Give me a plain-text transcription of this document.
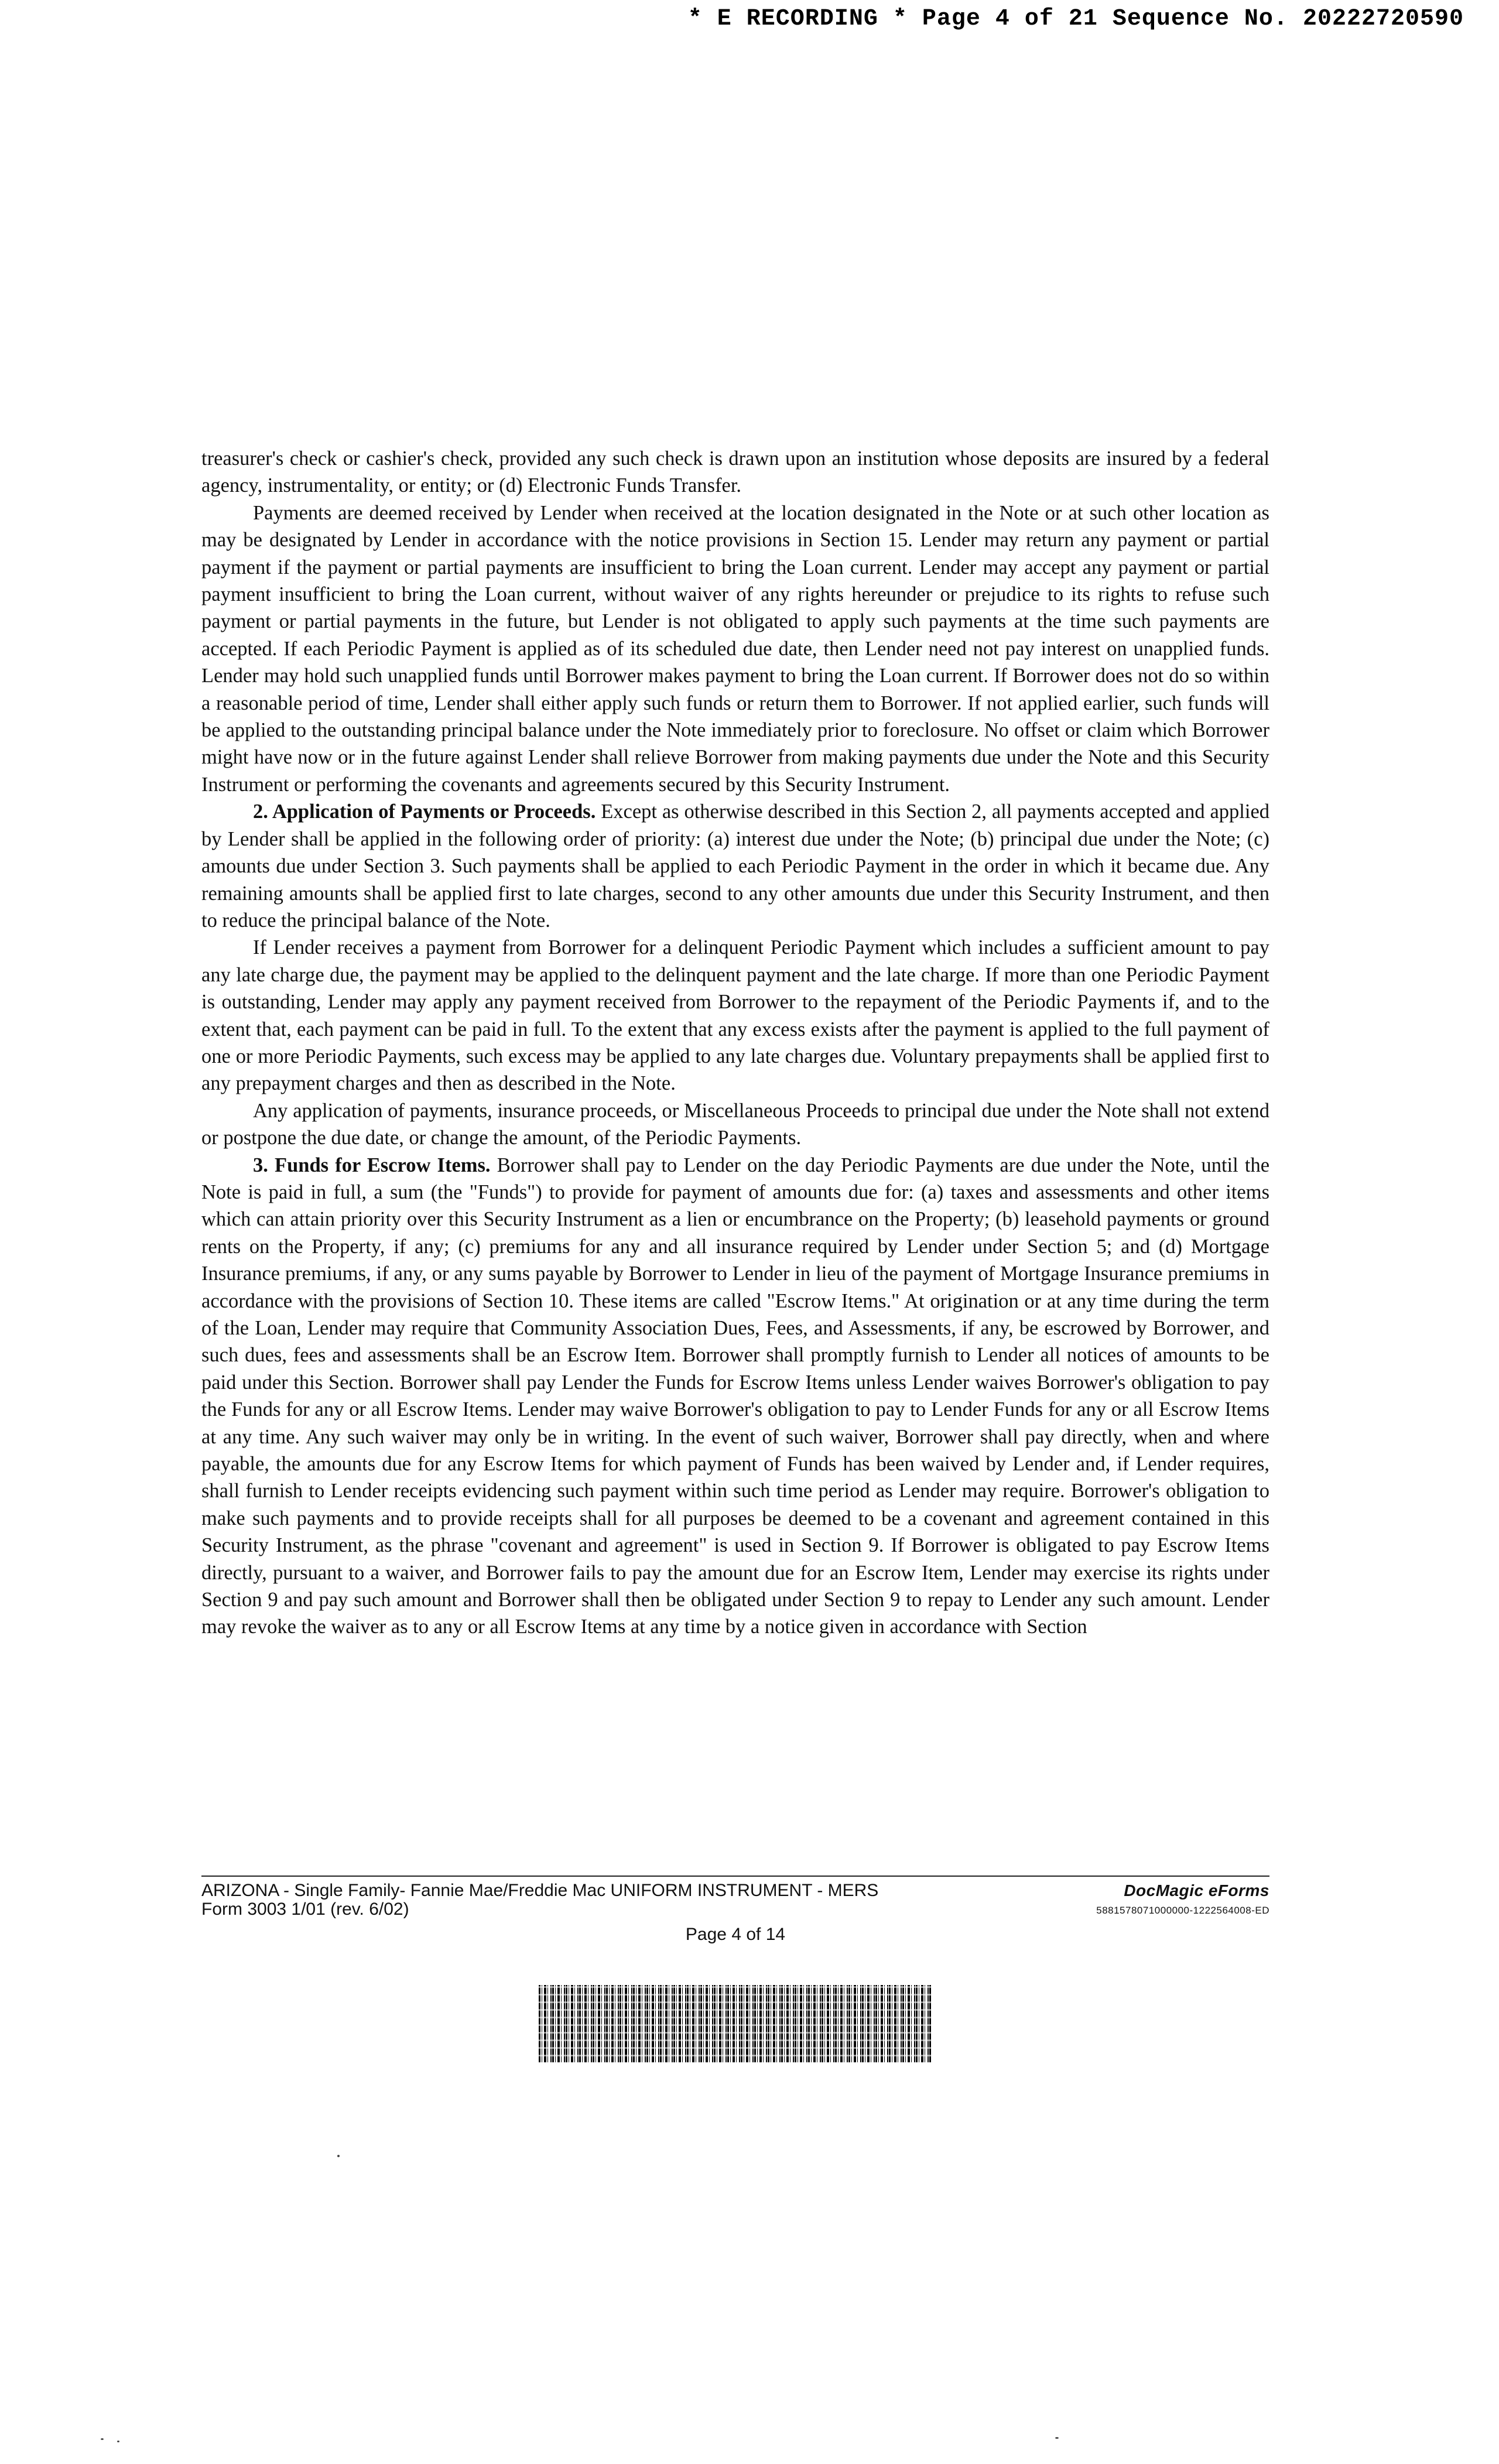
* E RECORDING * Page 4 of 21 Sequence No. 20222720590

treasurer's check or cashier's check, provided any such check is drawn upon an institution whose deposits are insured by a federal agency, instrumentality, or entity; or (d) Electronic Funds Transfer.

Payments are deemed received by Lender when received at the location designated in the Note or at such other location as may be designated by Lender in accordance with the notice provisions in Section 15. Lender may return any payment or partial payment if the payment or partial payments are insufficient to bring the Loan current. Lender may accept any payment or partial payment insufficient to bring the Loan current, without waiver of any rights hereunder or prejudice to its rights to refuse such payment or partial payments in the future, but Lender is not obligated to apply such payments at the time such payments are accepted. If each Periodic Payment is applied as of its scheduled due date, then Lender need not pay interest on unapplied funds. Lender may hold such unapplied funds until Borrower makes payment to bring the Loan current. If Borrower does not do so within a reasonable period of time, Lender shall either apply such funds or return them to Borrower. If not applied earlier, such funds will be applied to the outstanding principal balance under the Note immediately prior to foreclosure. No offset or claim which Borrower might have now or in the future against Lender shall relieve Borrower from making payments due under the Note and this Security Instrument or performing the covenants and agreements secured by this Security Instrument.

2. Application of Payments or Proceeds. Except as otherwise described in this Section 2, all payments accepted and applied by Lender shall be applied in the following order of priority: (a) interest due under the Note; (b) principal due under the Note; (c) amounts due under Section 3. Such payments shall be applied to each Periodic Payment in the order in which it became due. Any remaining amounts shall be applied first to late charges, second to any other amounts due under this Security Instrument, and then to reduce the principal balance of the Note.

If Lender receives a payment from Borrower for a delinquent Periodic Payment which includes a sufficient amount to pay any late charge due, the payment may be applied to the delinquent payment and the late charge. If more than one Periodic Payment is outstanding, Lender may apply any payment received from Borrower to the repayment of the Periodic Payments if, and to the extent that, each payment can be paid in full. To the extent that any excess exists after the payment is applied to the full payment of one or more Periodic Payments, such excess may be applied to any late charges due. Voluntary prepayments shall be applied first to any prepayment charges and then as described in the Note.

Any application of payments, insurance proceeds, or Miscellaneous Proceeds to principal due under the Note shall not extend or postpone the due date, or change the amount, of the Periodic Payments.

3. Funds for Escrow Items. Borrower shall pay to Lender on the day Periodic Payments are due under the Note, until the Note is paid in full, a sum (the "Funds") to provide for payment of amounts due for: (a) taxes and assessments and other items which can attain priority over this Security Instrument as a lien or encumbrance on the Property; (b) leasehold payments or ground rents on the Property, if any; (c) premiums for any and all insurance required by Lender under Section 5; and (d) Mortgage Insurance premiums, if any, or any sums payable by Borrower to Lender in lieu of the payment of Mortgage Insurance premiums in accordance with the provisions of Section 10. These items are called "Escrow Items." At origination or at any time during the term of the Loan, Lender may require that Community Association Dues, Fees, and Assessments, if any, be escrowed by Borrower, and such dues, fees and assessments shall be an Escrow Item. Borrower shall promptly furnish to Lender all notices of amounts to be paid under this Section. Borrower shall pay Lender the Funds for Escrow Items unless Lender waives Borrower's obligation to pay the Funds for any or all Escrow Items. Lender may waive Borrower's obligation to pay to Lender Funds for any or all Escrow Items at any time. Any such waiver may only be in writing. In the event of such waiver, Borrower shall pay directly, when and where payable, the amounts due for any Escrow Items for which payment of Funds has been waived by Lender and, if Lender requires, shall furnish to Lender receipts evidencing such payment within such time period as Lender may require. Borrower's obligation to make such payments and to provide receipts shall for all purposes be deemed to be a covenant and agreement contained in this Security Instrument, as the phrase "covenant and agreement" is used in Section 9. If Borrower is obligated to pay Escrow Items directly, pursuant to a waiver, and Borrower fails to pay the amount due for an Escrow Item, Lender may exercise its rights under Section 9 and pay such amount and Borrower shall then be obligated under Section 9 to repay to Lender any such amount. Lender may revoke the waiver as to any or all Escrow Items at any time by a notice given in accordance with Section

ARIZONA - Single Family- Fannie Mae/Freddie Mac UNIFORM INSTRUMENT - MERS
Form 3003 1/01 (rev. 6/02)
DocMagic eForms
5881578071000000-1222564008-ED
Page 4 of 14
